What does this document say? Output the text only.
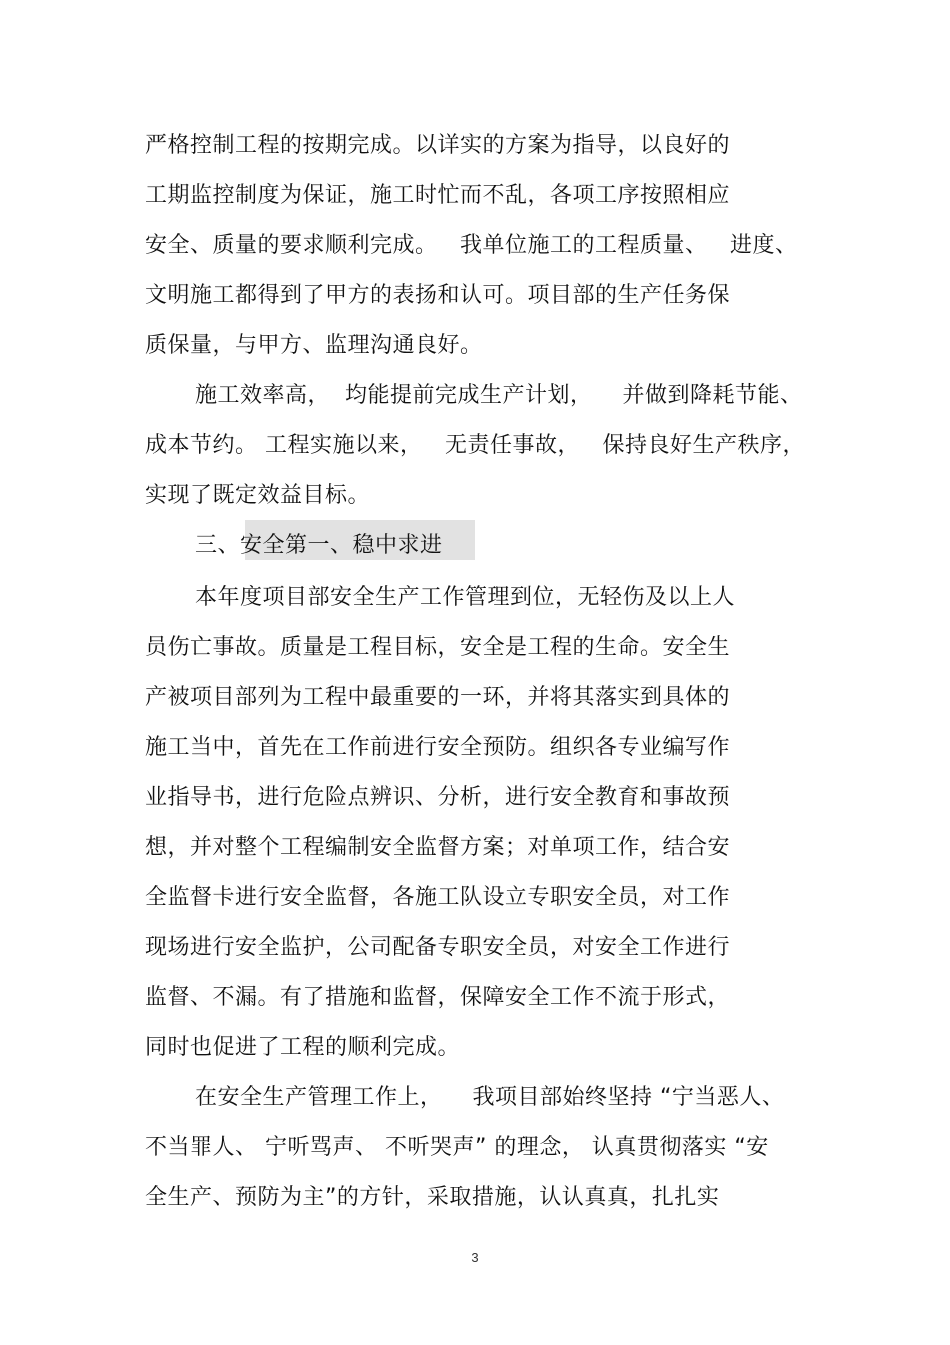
严格控制工程的按期完成。以详实的方案为指导，以良好的
工期监控制度为保证，施工时忙而不乱，各项工序按照相应
安全、质量的要求顺利完成。   我单位施工的工程质量、   进度、
文明施工都得到了甲方的表扬和认可。项目部的生产任务保
质保量，与甲方、监理沟通良好。
施工效率高，  均能提前完成生产计划，    并做到降耗节能、
成本节约。 工程实施以来，   无责任事故，   保持良好生产秩序，
实现了既定效益目标。
三、安全第一、稳中求进
本年度项目部安全生产工作管理到位，无轻伤及以上人
员伤亡事故。质量是工程目标，安全是工程的生命。安全生
产被项目部列为工程中最重要的一环，并将其落实到具体的
施工当中，首先在工作前进行安全预防。组织各专业编写作
业指导书，进行危险点辨识、分析，进行安全教育和事故预
想，并对整个工程编制安全监督方案；对单项工作，结合安
全监督卡进行安全监督，各施工队设立专职安全员，对工作
现场进行安全监护，公司配备专职安全员，对安全工作进行
监督、不漏。有了措施和监督，保障安全工作不流于形式，
同时也促进了工程的顺利完成。
在安全生产管理工作上，    我项目部始终坚持 “宁当恶人、
不当罪人、 宁听骂声、 不听哭声” 的理念， 认真贯彻落实 “安
全生产、预防为主”的方针，采取措施，认认真真，扎扎实
3
